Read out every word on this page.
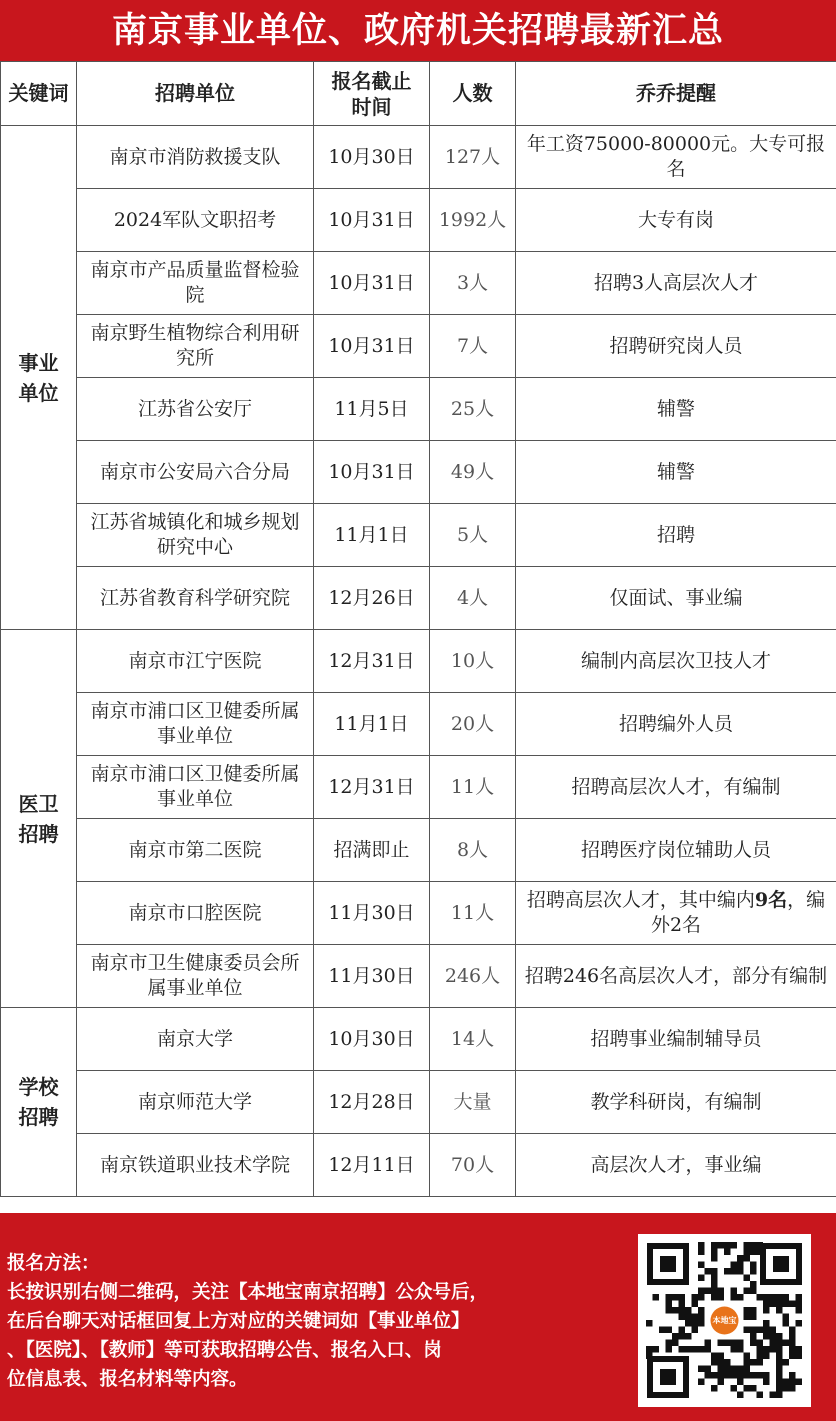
南京事业单位、政府机关招聘最新汇总
关键词	招聘单位	报名截止时间	人数	乔乔提醒
事业单位	南京市消防救援支队	10月30日	127人	年工资75000-80000元。大专可报名
	2024军队文职招考	10月31日	1992人	大专有岗
	南京市产品质量监督检验院	10月31日	3人	招聘3人高层次人才
	南京野生植物综合利用研究所	10月31日	7人	招聘研究岗人员
	江苏省公安厅	11月5日	25人	辅警
	南京市公安局六合分局	10月31日	49人	辅警
	江苏省城镇化和城乡规划研究中心	11月1日	5人	招聘
	江苏省教育科学研究院	12月26日	4人	仅面试、事业编
医卫招聘	南京市江宁医院	12月31日	10人	编制内高层次卫技人才
	南京市浦口区卫健委所属事业单位	11月1日	20人	招聘编外人员
	南京市浦口区卫健委所属事业单位	12月31日	11人	招聘高层次人才，有编制
	南京市第二医院	招满即止	8人	招聘医疗岗位辅助人员
	南京市口腔医院	11月30日	11人	招聘高层次人才，其中编内9名，编外2名
	南京市卫生健康委员会所属事业单位	11月30日	246人	招聘246名高层次人才，部分有编制
学校招聘	南京大学	10月30日	14人	招聘事业编制辅导员
	南京师范大学	12月28日	大量	教学科研岗，有编制
	南京铁道职业技术学院	12月11日	70人	高层次人才，事业编
报名方法：
长按识别右侧二维码，关注【本地宝南京招聘】公众号后，
在后台聊天对话框回复上方对应的关键词如【事业单位】
、【医院】、【教师】等可获取招聘公告、报名入口、岗
位信息表、报名材料等内容。
本地宝
